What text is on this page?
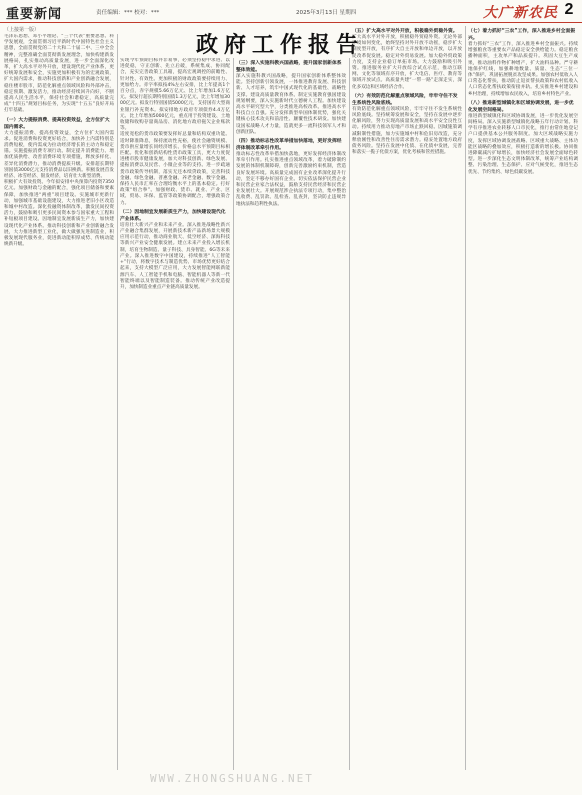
重要新闻	责任编辑：*** 校对：***	2025年3月13日 星期四	大广新农民 2
（上接第一版）
政府工作报告

毛泽东思想、邓小平理论、“三个代表”重要思想、科学发展观，全面贯彻习近平新时代中国特色社会主义思想，全面贯彻党的二十大和二十届二中、三中全会精神，完整准确全面贯彻新发展理念，加快构建新发展格局，扎实推动高质量发展，进一步全面深化改革，扩大高水平对外开放，建设现代化产业体系，更好统筹发展和安全，实施更加积极有为的宏观政策，扩大国内需求，推动科技创新和产业创新融合发展，稳住楼市股市，防范化解重点领域风险和外部冲击，稳定预期、激发活力，推动经济持续回升向好，不断提高人民生活水平，保持社会和谐稳定，高质量完成“十四五”规划目标任务，为实现“十五五”良好开局打牢基础。

（一）大力提振消费、提高投资效益，全方位扩大国内需求。

大力提振消费、提高投资效益，全方位扩大国内需求。促进消费和投资更好结合，加快补上内需特别是消费短板，使内需成为拉动经济增长的主动力和稳定锚。实施提振消费专项行动。制定提升消费能力、增加优质供给、改善消费环境专项措施，释放多样化、差异化消费潜力，推动消费提质升级。安排超长期特别国债3000亿元支持消费品以旧换新。积极发展首发经济、冰雪经济、银发经济，培育壮大新型消费。

积极扩大有效投资。今年拟安排中央预算内投资7350亿元。加强财政与金融的配合，强化项目储备和要素保障，加快推进“两重”项目建设。实施城市更新行动，加强城市基础设施建设，大力推进老旧小区改造和城中村改造。深化投融资体制改革，激发民间投资活力，鼓励和吸引更多民间资本参与国家重大工程和补短板项目建设。因地制宜发展新质生产力，加快建设现代化产业体系。推动科技创新和产业创新融合发展，大力推进新型工业化，做大做强先进制造业，积极发展现代服务业，促进新动能积厚成势、传统动能焕新升级。

实现今年预期目标并非易事，必须坚持稳中求进、以进促稳，守正创新、先立后破，系统集成、协同配合，充实完善政策工具箱，提高宏观调控的前瞻性、针对性、有效性。更加积极的财政政策要持续用力、更加给力。赤字率拟按4%左右安排，比上年提高1个百分点，赤字规模5.66万亿元、比上年增加1.6万亿元。拟发行超长期特别国债1.3万亿元，比上年增加3000亿元。拟发行特别国债5000亿元，支持国有大型商业银行补充资本。拟安排地方政府专项债券4.4万亿元、比上年增加5000亿元，重点用于投资建设、土地收储和收购存量商品房、消化地方政府拖欠企业账款等。

适度宽松的货币政策要发挥好总量和结构双重功能。适时降准降息，保持流动性充裕，使社会融资规模、货币供应量增长同经济增长、价格总水平预期目标相匹配。优化和创新结构性货币政策工具，更大力度促进楼市股市健康发展，加大对科技创新、绿色发展、提振消费以及民营、小微企业等的支持。进一步疏通货币政策传导机制，落实无还本续贷政策，完善科技金融、绿色金融、普惠金融、养老金融、数字金融。保持人民币汇率在合理均衡水平上的基本稳定。打好政策“组合拳”。加强财政、货币、就业、产业、区域、贸易、环保、监管等政策协调配合，增强政策合力。

（二）因地制宜发展新质生产力，加快建设现代化产业体系。

培育壮大新兴产业和未来产业。深入推进战略性新兴产业融合集群发展，开展新技术新产品新场景大规模应用示范行动，推动商业航天、低空经济、深海科技等新兴产业安全健康发展。建立未来产业投入增长机制，培育生物制造、量子科技、具身智能、6G等未来产业。深入推进数字中国建设，持续推进“人工智能+”行动，将数字技术与制造优势、市场优势更好结合起来，支持大模型广泛应用，大力发展智能网联新能源汽车、人工智能手机和电脑、智能机器人等新一代智能终端以及智能制造装备。推动传统产业改造提升，加快制造业重点产业链高质量发展。

（三）深入实施科教兴国战略，提升国家创新体系整体效能。

深入实施科教兴国战略，提升国家创新体系整体效能。坚持创新引领发展，一体推进教育发展、科技创新、人才培养，筑牢中国式现代化的基础性、战略性支撑。建设高质量教育体系。制定实施教育强国建设规划纲要，深入实施新时代立德树人工程。加快建设高水平研究型大学，分类推进高校改革。推进高水平科技自立自强。充分发挥新型举国体制优势，强化关键核心技术攻关和前沿性、颠覆性技术研发。加快建设国家战略人才力量，造就更多一流科技领军人才和创新团队。

（四）推动标志性改革举措加快落地，更好发挥经济体制改革牵引作用。

推动标志性改革举措加快落地，更好发挥经济体制改革牵引作用。扎实推进重点领域改革，着力破除制约发展的体制机制障碍，创新完善激励约束机制，营造良好发展环境。高质量完成国有企业改革深化提升行动，坚定不移办好国有企业。切实依法保护民营企业和民营企业家合法权益，鼓励支持民营经济和民营企业发展壮大。开展规范涉企执法专项行动，集中整治乱收费、乱罚款、乱检查、乱查封，坚决防止违规异地执法和趋利性执法。

（五）扩大高水平对外开放，积极稳外贸稳外资。

扩大高水平对外开放，积极稳外贸稳外资。无论外部环境如何变化，始终坚持对外开放不动摇，稳步扩大制度型开放，有序扩大自主开放和单边开放，以开放促改革促发展。稳定对外贸易发展。加大稳外贸政策力度，支持企业稳订单拓市场。大力鼓励和吸引外资。推进服务业扩大开放综合试点示范，推动互联网、文化等领域有序开放，扩大电信、医疗、教育等领域开放试点。高质量共建“一带一路”走深走实，深化多双边和区域经济合作。

（六）有效防范化解重点领域风险，牢牢守住不发生系统性风险底线。

有效防范化解重点领域风险，牢牢守住不发生系统性风险底线。坚持统筹发展和安全，坚持在发展中逐步化解风险，努力实现高质量发展和高水平安全良性互动。持续用力推动房地产市场止跌回稳。因城施策调减限制性措施，加力实施城中村和危旧房改造，充分释放刚性和改善性住房需求潜力。稳妥处置地方政府债务风险。坚持在发展中化债、在化债中发展，完善和落实一揽子化债方案，优化考核和管控措施。

（七）着力抓好“三农”工作，深入推进乡村全面振兴。

着力抓好“三农”工作，深入推进乡村全面振兴。持续增强粮食等重要农产品稳定安全供给能力。稳定粮食播种面积，主攻单产和品质提升。巩固大豆生产成果，推动油料作物扩种增产，扩大油料品种。严守耕地保护红线，加强耕地数量、质量、生态“三位一体”保护。巩固拓展脱贫攻坚成果。加强农村低收入人口常态化帮扶，推动防止返贫帮扶政策和农村低收入人口常态化帮扶政策衔接并轨。扎实推进乡村建设和乡村治理，持续增加农民收入，培育乡村特色产业。

（八）推进新型城镇化和区域协调发展，进一步优化发展空间格局。

推进新型城镇化和区域协调发展，进一步优化发展空间格局。深入实施新型城镇化战略五年行动计划。科学有序推进农业转移人口市民化，推行由常住地登记户口提供基本公共服务制度。加大区域战略实施力度，发挥区域协调发展战略、区域重大战略、主体功能区战略的叠加效应，积极打造新的增长极。协同推进降碳减污扩绿增长，加快经济社会发展全面绿色转型。进一步深化生态文明体制改革，统筹产业结构调整、污染治理、生态保护、应对气候变化，推进生态优先、节约集约、绿色低碳发展。

WWW.ZHONGSHUANG.NET
